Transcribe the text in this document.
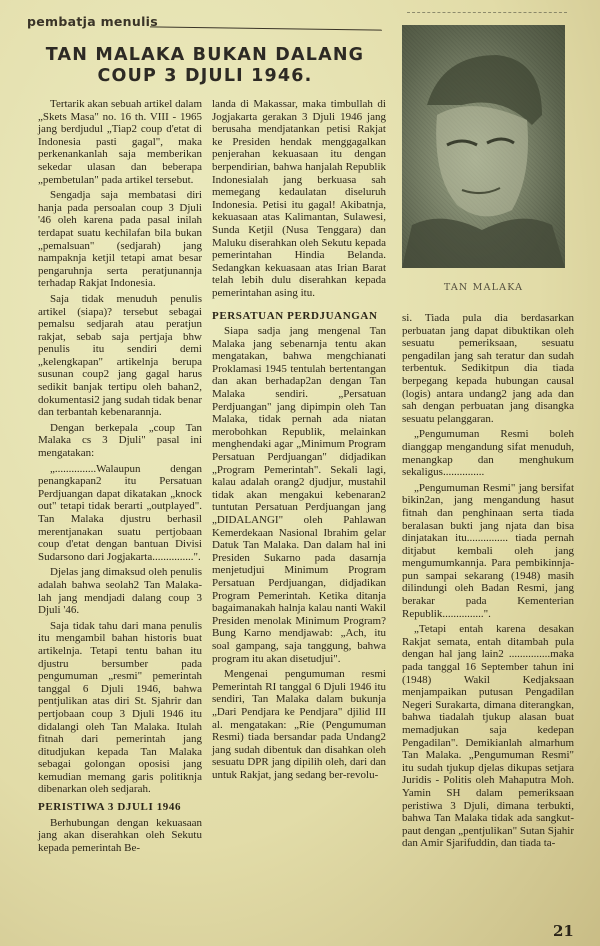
pembatja menulis
TAN MALAKA BUKAN DALANG COUP 3 DJULI 1946.
TAN MALAKA

Tertarik akan sebuah artikel dalam „Skets Masa" no. 16 th. VIII - 1965 jang berdjudul „Tiap2 coup d'etat di Indonesia pasti gagal", maka perkenankanlah saja memberikan sekedar ulasan dan beberapa „pembetulan" pada artikel tersebut.

Sengadja saja membatasi diri hanja pada persoalan coup 3 Djuli '46 oleh karena pada pasal inilah terdapat suatu kechilafan bila bukan „pemalsuan" (sedjarah) jang nampaknja ketjil tetapi amat besar pengaruhnja serta peratjunannja terhadap Rakjat Indonesia.

Saja tidak menuduh penulis artikel (siapa)? tersebut sebagai pemalsu sedjarah atau peratjun rakjat, sebab saja pertjaja bhw penulis itu sendiri demi „kelengkapan" artikelnja berupa susunan coup2 jang gagal harus sedikit banjak tertipu oleh bahan2, dokumentasi2 jang sudah tidak benar dan terbantah kebenarannja.

Dengan berkepala „coup Tan Malaka cs 3 Djuli" pasal ini mengatakan:

„...............Walaupun dengan penangkapan2 itu Persatuan Perdjuangan dapat dikatakan „knock out" tetapi tidak berarti „outplayed". Tan Malaka djustru berhasil merentjanakan suatu pertjobaan coup d'etat dengan bantuan Divisi Sudarsono dari Jogjakarta...............".

Djelas jang dimaksud oleh penulis adalah bahwa seolah2 Tan Malaka-lah jang mendjadi dalang coup 3 Djuli '46.

Saja tidak tahu dari mana penulis itu mengambil bahan historis buat artikelnja. Tetapi tentu bahan itu djustru bersumber pada pengumuman „resmi" pemerintah tanggal 6 Djuli 1946, bahwa pentjulikan atas diri St. Sjahrir dan pertjobaan coup 3 Djuli 1946 itu didalangi oleh Tan Malaka. Itulah fitnah dari pemerintah jang ditudjukan kepada Tan Malaka sebagai golongan oposisi jang kemudian memang garis politiknja dibenarkan oleh sedjarah.

PERISTIWA 3 DJULI 1946

Berhubungan dengan kekuasaan jang akan diserahkan oleh Sekutu kepada pemerintah Be-

landa di Makassar, maka timbullah di Jogjakarta gerakan 3 Djuli 1946 jang berusaha mendjatankan petisi Rakjat ke Presiden hendak menggagalkan penjerahan kekuasaan itu dengan berpendirian, bahwa hanjalah Republik Indonesialah jang berkuasa sah memegang kedaulatan diseluruh Indonesia. Petisi itu gagal! Akibatnja, kekuasaan atas Kalimantan, Sulawesi, Sunda Ketjil (Nusa Tenggara) dan Maluku diserahkan oleh Sekutu kepada pemerintahan Hindia Belanda. Sedangkan kekuasaan atas Irian Barat telah lebih dulu diserahkan kepada pemerintahan asing itu.

PERSATUAN PERDJUANGAN

Siapa sadja jang mengenal Tan Malaka jang sebenarnja tentu akan mengatakan, bahwa mengchianati Proklamasi 1945 tentulah bertentangan dan akan berhadap2an dengan Tan Malaka sendiri. „Persatuan Perdjuangan" jang dipimpin oleh Tan Malaka, tidak pernah ada niatan merobohkan Republik, melainkan menghendaki agar „Minimum Program Persatuan Perdjuangan" didjadikan „Program Pemerintah". Sekali lagi, kalau adalah orang2 djudjur, mustahil tidak akan mengakui kebenaran2 tuntutan Persatuan Perdjuangan jang „DIDALANGI" oleh Pahlawan Kemerdekaan Nasional Ibrahim gelar Datuk Tan Malaka. Dan dalam hal ini Presiden Sukarno pada dasarnja menjetudjui Minimum Program Persatuan Perdjuangan, didjadikan Program Pemerintah. Ketika ditanja bagaimanakah halnja kalau nanti Wakil Presiden menolak Minimum Program? Bung Karno mendjawab: „Ach, itu soal gampang, saja tanggung, bahwa program itu akan disetudjui".

Mengenai pengumuman resmi Pemerintah RI tanggal 6 Djuli 1946 itu sendiri, Tan Malaka dalam bukunja „Dari Pendjara ke Pendjara" djilid III al. mengatakan: „Rie (Pengumuman Resmi) tiada bersandar pada Undang2 jang sudah dibentuk dan disahkan oleh sesuatu DPR jang dipilih oleh, dari dan untuk Rakjat, jang sedang ber-revolu-

si. Tiada pula dia berdasarkan perbuatan jang dapat dibuktikan oleh sesuatu pemeriksaan, sesuatu pengadilan jang sah teratur dan sudah terbentuk. Sedikitpun dia tiada berpegang kepada hubungan causal (logis) antara undang2 jang ada dan sah dengan perbuatan jang disangka sesuatu pelanggaran.

„Pengumuman Resmi boleh dianggap mengandung sifat menuduh, menangkap dan menghukum sekaligus...............

„Pengumuman Resmi" jang bersifat bikin2an, jang mengandung hasut fitnah dan penghinaan serta tiada beralasan bukti jang njata dan bisa dinjatakan itu............... tiada pernah ditjabut kembali oleh jang mengumumkannja. Para pembikinnja-pun sampai sekarang (1948) masih dilindungi oleh Badan Resmi, jang berakar pada Kementerian Republik...............".

„Tetapi entah karena desakan Rakjat semata, entah ditambah pula dengan hal jang lain2 ...............maka pada tanggal 16 September tahun ini (1948) Wakil Kedjaksaan menjampaikan putusan Pengadilan Negeri Surakarta, dimana diterangkan, bahwa tiadalah tjukup alasan buat memadjukan saja kedepan Pengadilan". Demikianlah almarhum Tan Malaka. „Pengumuman Resmi" itu sudah tjukup djelas dikupas setjara Juridis - Politis oleh Mahaputra Moh. Yamin SH dalam pemeriksaan peristiwa 3 Djuli, dimana terbukti, bahwa Tan Malaka tidak ada sangkut-paut dengan „pentjulikan" Sutan Sjahir dan Amir Sjarifuddin, dan tiada ta-

21
